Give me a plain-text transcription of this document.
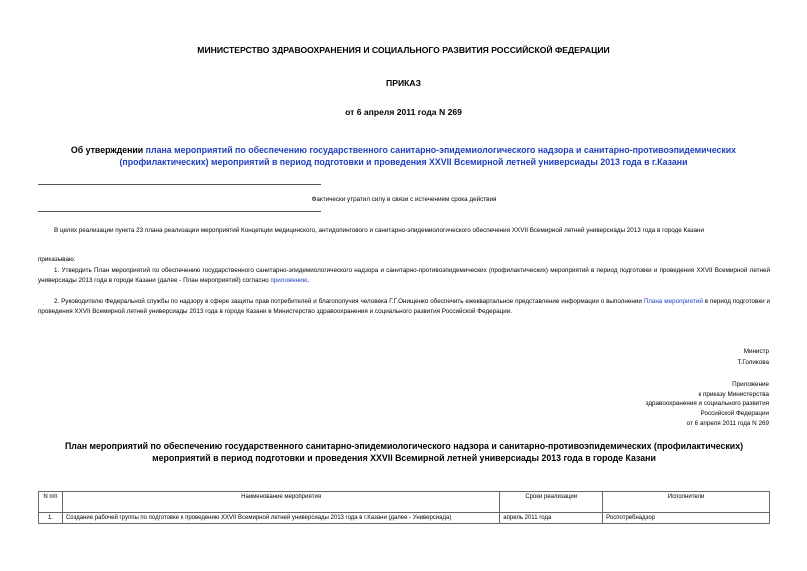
МИНИСТЕРСТВО ЗДРАВООХРАНЕНИЯ И СОЦИАЛЬНОГО РАЗВИТИЯ РОССИЙСКОЙ ФЕДЕРАЦИИ
ПРИКАЗ
от 6 апреля 2011 года N 269
Об утверждении плана мероприятий по обеспечению государственного санитарно-эпидемиологического надзора и санитарно-противоэпидемических (профилактических) мероприятий в период подготовки и проведения XXVII Всемирной летней универсиады 2013 года в г.Казани
Фактически утратил силу в связи с истечением срока действия
В целях реализации пункта 23 плана реализации мероприятий Концепции медицинского, антидопингового и санитарно-эпидемиологического обеспечения XXVII Всемирной летней универсиады 2013 года в городе Казани
приказываю:
1. Утвердить План мероприятий по обеспечению государственного санитарно-эпидемиологического надзора и санитарно-противоэпидемических (профилактических) мероприятий в период подготовки и проведения XXVII Всемирной летней универсиады 2013 года в городе Казани (далее - План мероприятий) согласно приложению.
2. Руководителю Федеральной службы по надзору в сфере защиты прав потребителей и благополучия человека Г.Г.Онищенко обеспечить ежеквартальное представление информации о выполнении Плана мероприятий в период подготовки и проведения XXVII Всемирной летней универсиады 2013 года в городе Казани в Министерство здравоохранения и социального развития Российской Федерации.
Министр
Т.Голикова
Приложение
к приказу Министерства
здравоохранения и социального развития
Российской Федерации
от 6 апреля 2011 года N 269
План мероприятий по обеспечению государственного санитарно-эпидемиологического надзора и санитарно-противоэпидемических (профилактических)
мероприятий в период подготовки и проведения XXVII Всемирной летней универсиады 2013 года в городе Казани
N п/п	Наименование мероприятия	Сроки реализации	Исполнители
1.	Создание рабочей группы по подготовке к проведению XXVII Всемирной летней универсиады 2013 года в г.Казани (далее - Универсиада)	апрель 2011 года	Роспотребнадзор
